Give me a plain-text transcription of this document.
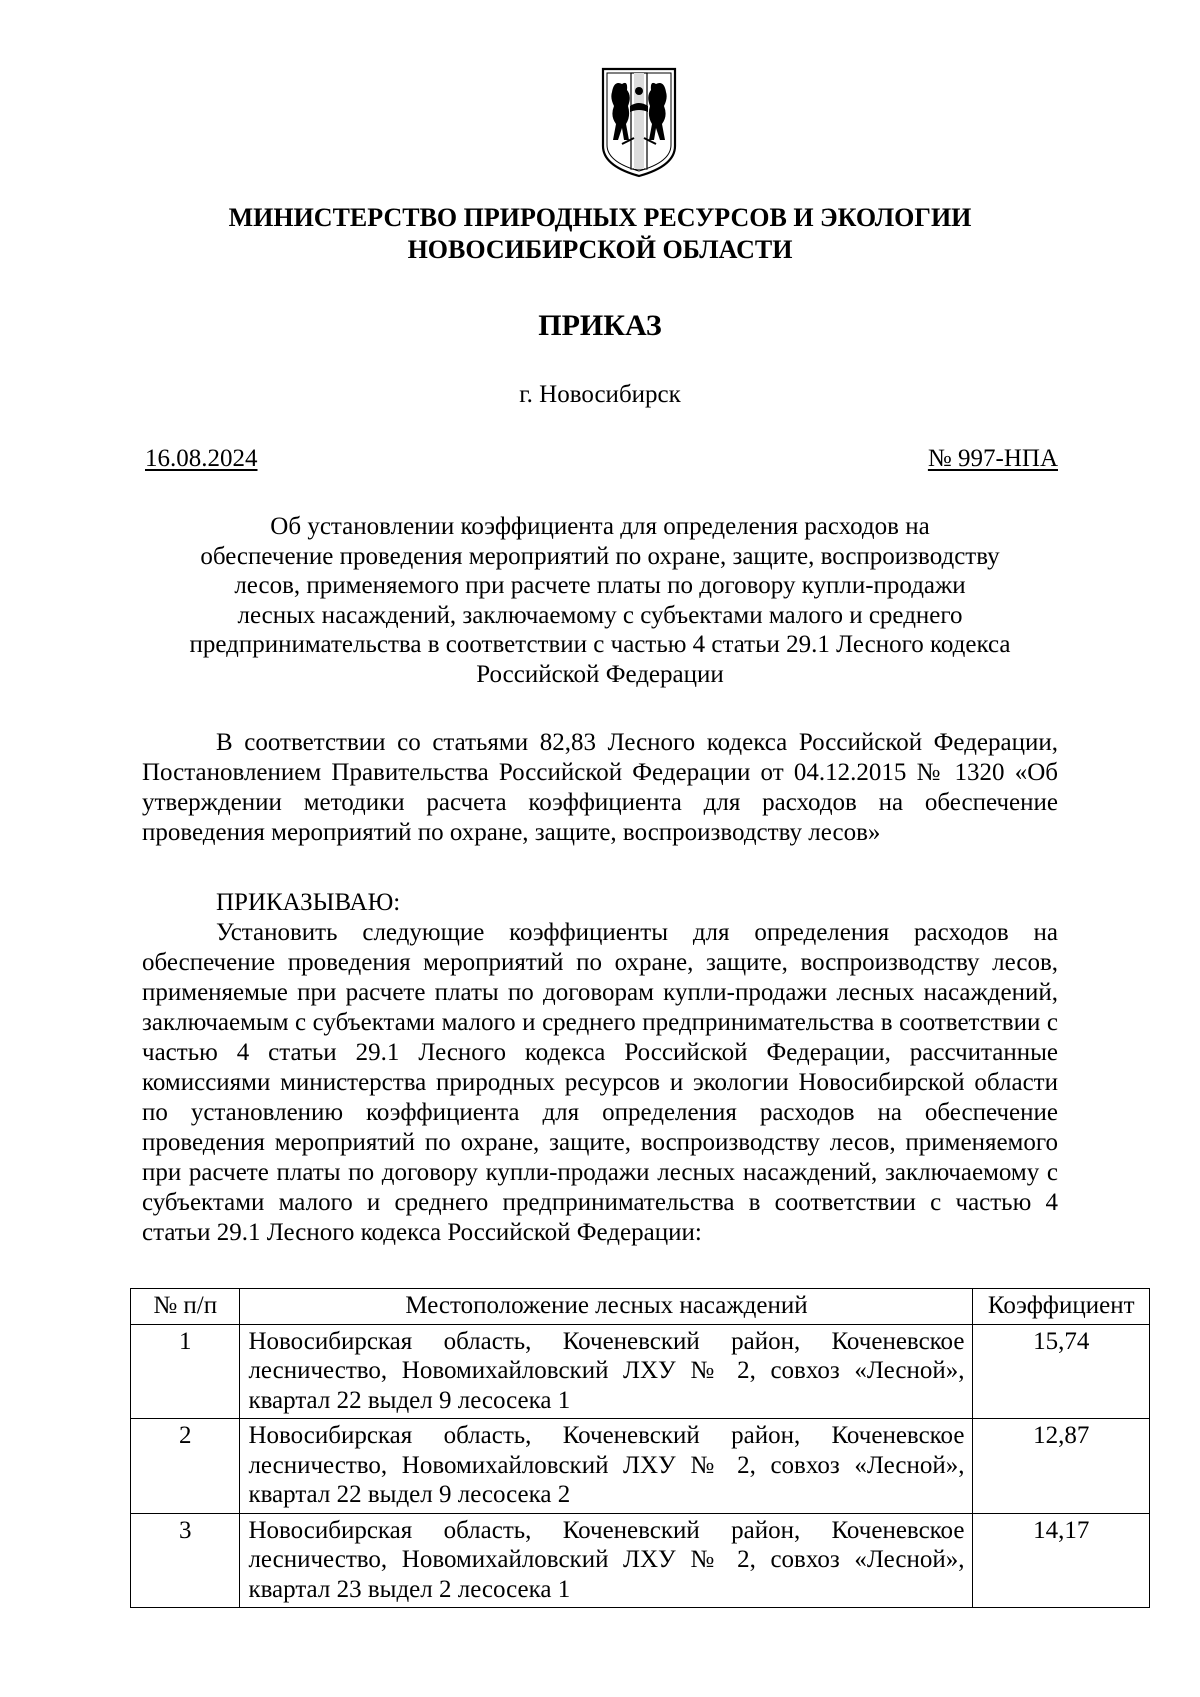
МИНИСТЕРСТВО ПРИРОДНЫХ РЕСУРСОВ И ЭКОЛОГИИ
НОВОСИБИРСКОЙ ОБЛАСТИ
ПРИКАЗ
г. Новосибирск
16.08.2024	№ 997-НПА
Об установлении коэффициента для определения расходов на
обеспечение проведения мероприятий по охране, защите, воспроизводству
лесов, применяемого при расчете платы по договору купли-продажи
лесных насаждений, заключаемому с субъектами малого и среднего
предпринимательства в соответствии с частью 4 статьи 29.1 Лесного кодекса
Российской Федерации
В соответствии со статьями 82,83 Лесного кодекса Российской Федерации, Постановлением Правительства Российской Федерации от 04.12.2015 № 1320 «Об утверждении методики расчета коэффициента для расходов на обеспечение проведения мероприятий по охране, защите, воспроизводству лесов»
ПРИКАЗЫВАЮ:
Установить следующие коэффициенты для определения расходов на обеспечение проведения мероприятий по охране, защите, воспроизводству лесов, применяемые при расчете платы по договорам купли-продажи лесных насаждений, заключаемым с субъектами малого и среднего предпринимательства в соответствии с частью 4 статьи 29.1 Лесного кодекса Российской Федерации, рассчитанные комиссиями министерства природных ресурсов и экологии Новосибирской области по установлению коэффициента для определения расходов на обеспечение проведения мероприятий по охране, защите, воспроизводству лесов, применяемого при расчете платы по договору купли-продажи лесных насаждений, заключаемому с субъектами малого и среднего предпринимательства в соответствии с частью 4 статьи 29.1 Лесного кодекса Российской Федерации:
№ п/п	Местоположение лесных насаждений	Коэффициент
1	Новосибирская область, Коченевский район, Коченевское лесничество, Новомихайловский ЛХУ № 2, совхоз «Лесной», квартал 22 выдел 9 лесосека 1	15,74
2	Новосибирская область, Коченевский район, Коченевское лесничество, Новомихайловский ЛХУ № 2, совхоз «Лесной», квартал 22 выдел 9 лесосека 2	12,87
3	Новосибирская область, Коченевский район, Коченевское лесничество, Новомихайловский ЛХУ № 2, совхоз «Лесной», квартал 23 выдел 2 лесосека 1	14,17
